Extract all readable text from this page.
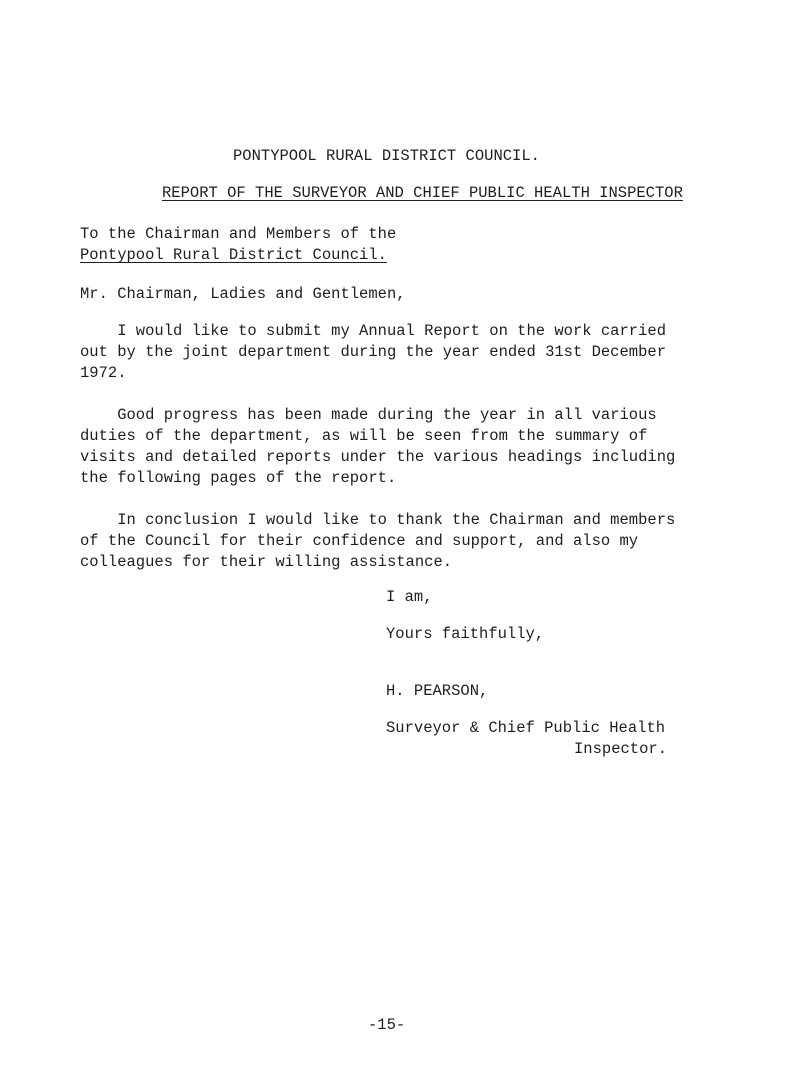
PONTYPOOL RURAL DISTRICT COUNCIL.
REPORT OF THE SURVEYOR AND CHIEF PUBLIC HEALTH INSPECTOR
To the Chairman and Members of the
Pontypool Rural District Council.
Mr. Chairman, Ladies and Gentlemen,
I would like to submit my Annual Report on the work carried
out by the joint department during the year ended 31st December
1972.
Good progress has been made during the year in all various
duties of the department, as will be seen from the summary of
visits and detailed reports under the various headings including
the following pages of the report.
In conclusion I would like to thank the Chairman and members
of the Council for their confidence and support, and also my
colleagues for their willing assistance.
I am,
Yours faithfully,
H. PEARSON,
Surveyor & Chief Public Health
Inspector.
-15-
